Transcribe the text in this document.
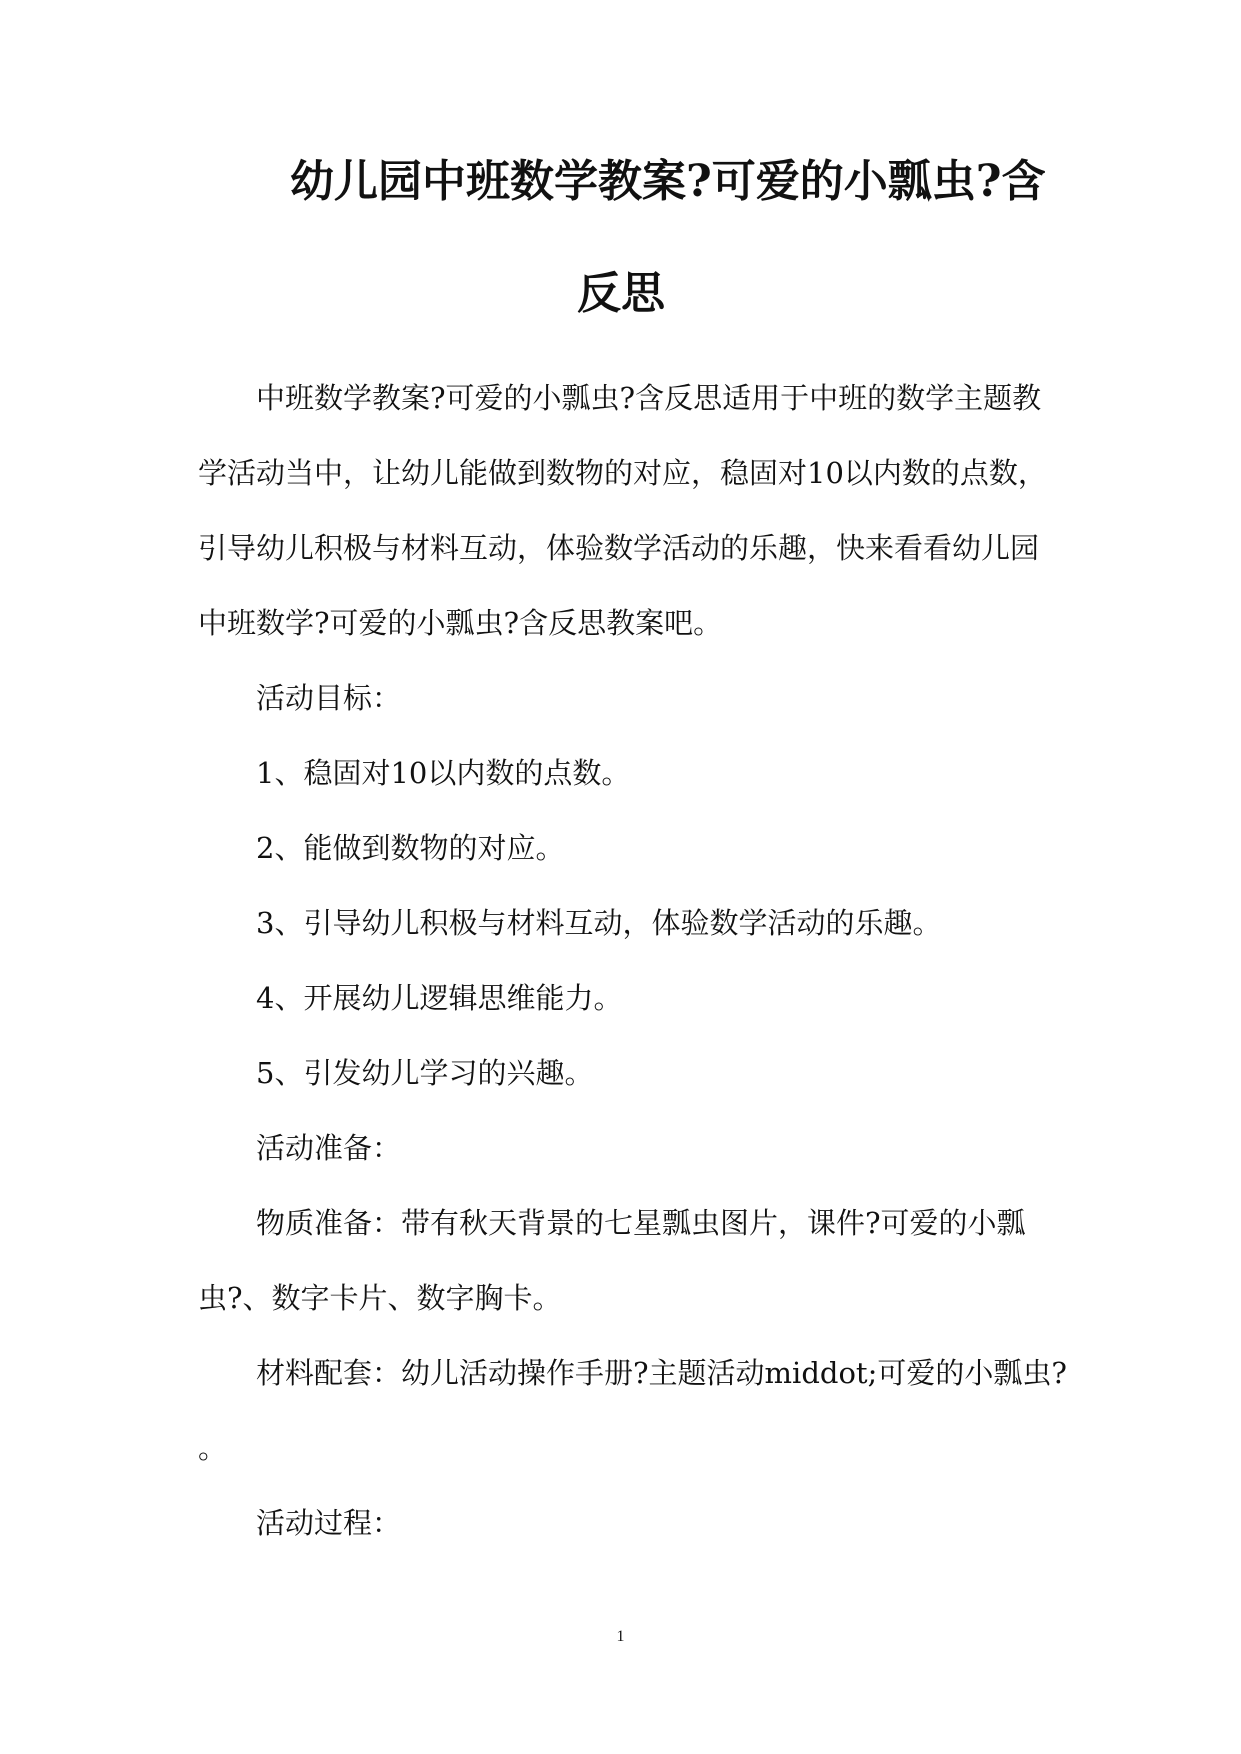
幼儿园中班数学教案?可爱的小瓢虫?含
反思

中班数学教案?可爱的小瓢虫?含反思适用于中班的数学主题教

学活动当中，让幼儿能做到数物的对应，稳固对10以内数的点数，

引导幼儿积极与材料互动，体验数学活动的乐趣，快来看看幼儿园

中班数学?可爱的小瓢虫?含反思教案吧。

活动目标：

1、稳固对10以内数的点数。

2、能做到数物的对应。

3、引导幼儿积极与材料互动，体验数学活动的乐趣。

4、开展幼儿逻辑思维能力。

5、引发幼儿学习的兴趣。

活动准备：

物质准备：带有秋天背景的七星瓢虫图片，课件?可爱的小瓢

虫?、数字卡片、数字胸卡。

材料配套：幼儿活动操作手册?主题活动middot;可爱的小瓢虫?

。

活动过程：

1
